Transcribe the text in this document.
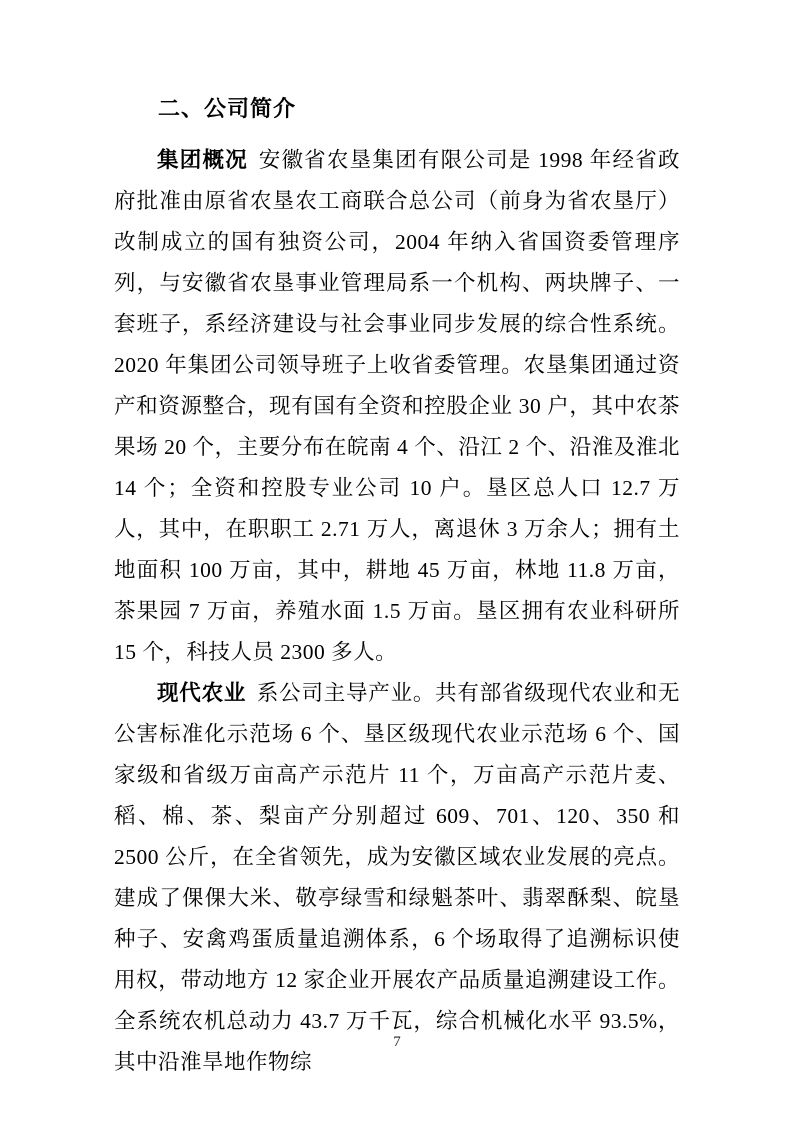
二、公司简介

集团概况 安徽省农垦集团有限公司是 1998 年经省政府批准由原省农垦农工商联合总公司（前身为省农垦厅）改制成立的国有独资公司，2004 年纳入省国资委管理序列，与安徽省农垦事业管理局系一个机构、两块牌子、一套班子，系经济建设与社会事业同步发展的综合性系统。2020 年集团公司领导班子上收省委管理。农垦集团通过资产和资源整合，现有国有全资和控股企业 30 户，其中农茶果场 20 个，主要分布在皖南 4 个、沿江 2 个、沿淮及淮北 14 个；全资和控股专业公司 10 户。垦区总人口 12.7 万人，其中，在职职工 2.71 万人，离退休 3 万余人；拥有土地面积 100 万亩，其中，耕地 45 万亩，林地 11.8 万亩，茶果园 7 万亩，养殖水面 1.5 万亩。垦区拥有农业科研所 15 个，科技人员 2300 多人。

现代农业 系公司主导产业。共有部省级现代农业和无公害标准化示范场 6 个、垦区级现代农业示范场 6 个、国家级和省级万亩高产示范片 11 个，万亩高产示范片麦、稻、棉、茶、梨亩产分别超过 609、701、120、350 和 2500 公斤，在全省领先，成为安徽区域农业发展的亮点。建成了倮倮大米、敬亭绿雪和绿魁茶叶、翡翠酥梨、皖垦种子、安禽鸡蛋质量追溯体系，6 个场取得了追溯标识使用权，带动地方 12 家企业开展农产品质量追溯建设工作。全系统农机总动力 43.7 万千瓦，综合机械化水平 93.5%，其中沿淮旱地作物综

7
